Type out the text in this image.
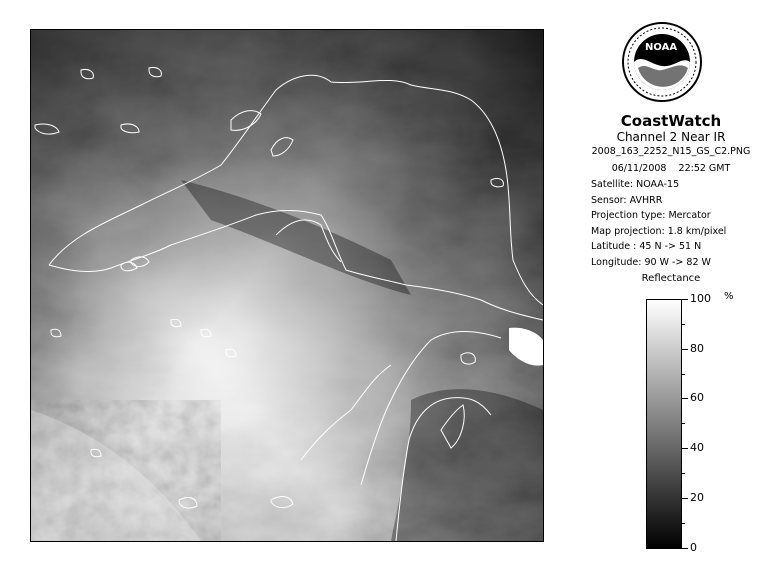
NOAA
CoastWatch
Channel 2 Near IR
2008_163_2252_N15_GS_C2.PNG
06/11/2008    22:52 GMT
Satellite: NOAA-15
Sensor: AVHRR
Projection type: Mercator
Map projection: 1.8 km/pixel
Latitude : 45 N -> 51 N
Longitude: 90 W -> 82 W
Reflectance
%
100
80
60
40
20
0
